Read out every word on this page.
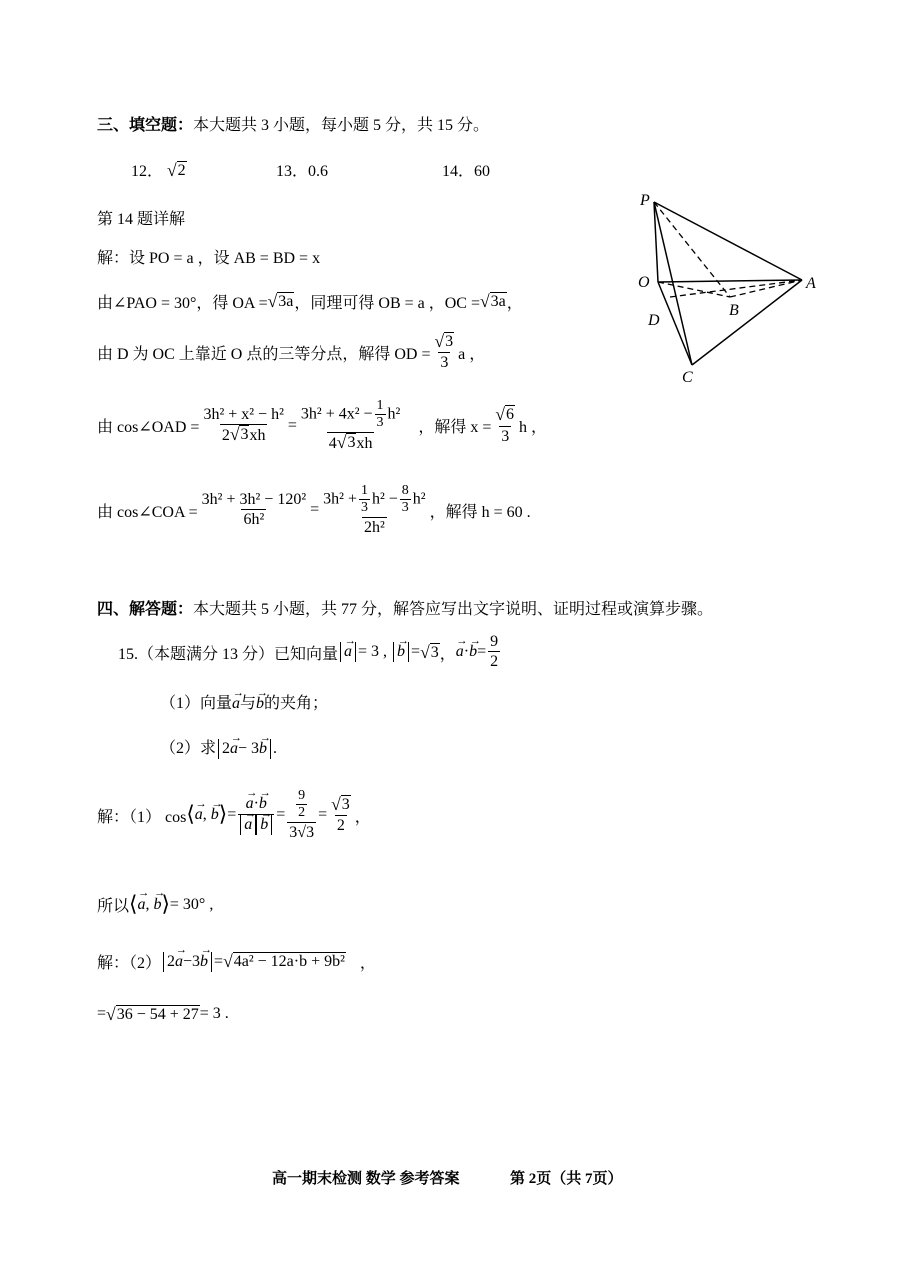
三、填空题：本大题共 3 小题，每小题 5 分，共 15 分。
12． √ 2	13．0.6	14．60
第 14 题详解
解：设 PO = a ，设 AB = BD = x
由∠PAO = 30°，得 OA = √ 3a ，同理可得 OB = a ，OC = √ 3a ，
由 D 为 OC 上靠近 O 点的三等分点，解得 OD = $\frac{√ 3}{3}$ a ，
由 cos∠OAD = $\frac{\text{3h² + x² − h²}}{2 √ 3 xh} = \frac{3h^2 + 4x^2 - \frac{1}{3} h^2}{4 √ 3 xh}$ ，解得 $x = \frac{√ 6}{3}$ h ，
由 cos∠COA = $\frac{\text{3h² + 3h² − 120²}}{\text{6h²}} = \frac{3h^2 + \frac{1}{3} h^2 - \frac{8}{3} h^2}{\text{2h²}}$ ，解得 h = 60 .
P
O	A
B
D
C
四、解答题：本大题共 5 小题，共 77 分，解答应写出文字说明、证明过程或演算步骤。
15.（本题满分 13 分）已知向量 → a = 3 , → b = √ 3 ， → a · → $b = \frac{9}{2}$
（1）向量→ a与→ b的夹角；
（2）求 2→ a− 3→ b .
解：（1） cos ⟨ → a , → b ⟩ = → a·→ b
→ $a \to b = \frac{\frac{9}{2}}{3√3} = \frac{√ 3}{2}$ ，
所以 ⟨ → a , → b ⟩ = 30° ,
解：（2） 2→ a−3→ b = √ 4a² − 12a·b + 9b² ，
= √ 36 − 54 + 27 = 3 .
高一期末检测 数学 参考答案	第 2页（共 7页）
